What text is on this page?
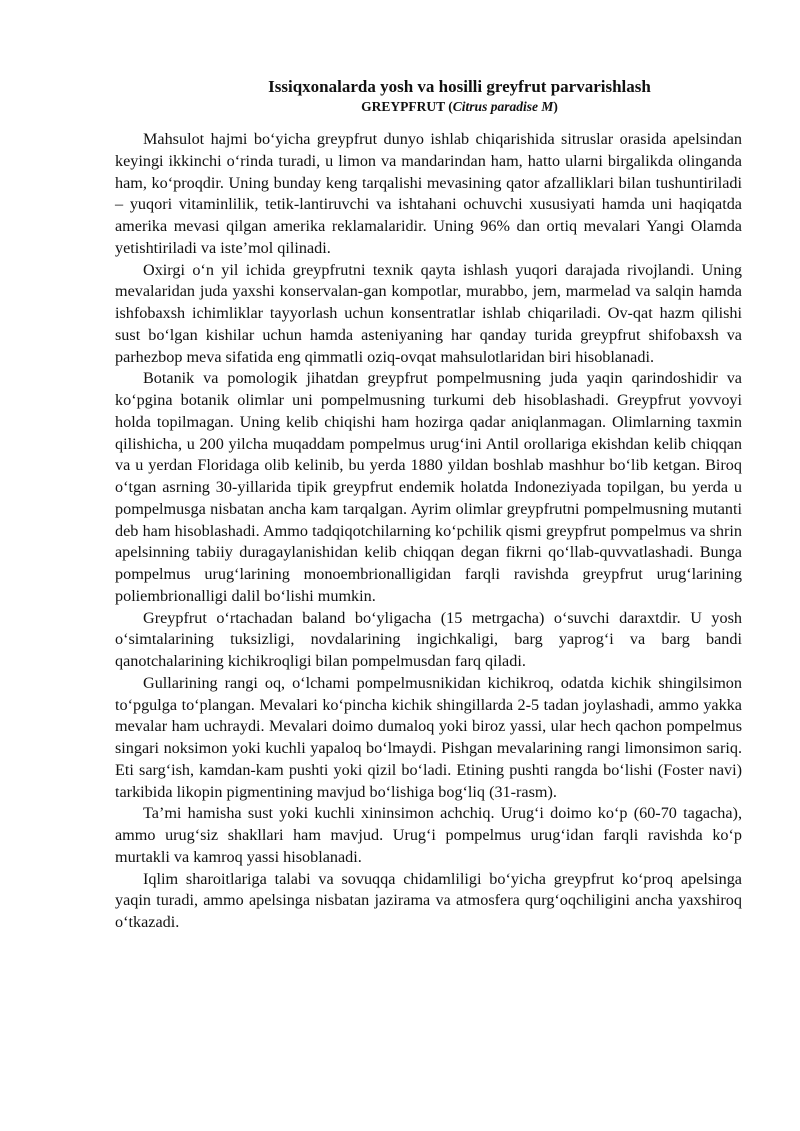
Issiqxonalarda yosh va hosilli greyfrut parvarishlash
GREYPFRUT (Citrus paradise M)

Mahsulot hajmi bo‘yicha greypfrut dunyo ishlab chiqarishida sitruslar orasida apelsindan keyingi ikkinchi o‘rinda turadi, u limon va mandarindan ham, hatto ularni birgalikda olinganda ham, ko‘proqdir. Uning bunday keng tarqalishi mevasining qator afzalliklari bilan tushuntiriladi – yuqori vitaminlilik, tetik-lantiruvchi va ishtahani ochuvchi xususiyati hamda uni haqiqatda amerika mevasi qilgan amerika reklamalaridir. Uning 96% dan ortiq mevalari Yangi Olamda yetishtiriladi va iste’mol qilinadi.

Oxirgi o‘n yil ichida greypfrutni texnik qayta ishlash yuqori darajada rivojlandi. Uning mevalaridan juda yaxshi konservalan-gan kompotlar, murabbo, jem, marmelad va salqin hamda ishfobaxsh ichimliklar tayyorlash uchun konsentratlar ishlab chiqariladi. Ov-qat hazm qilishi sust bo‘lgan kishilar uchun hamda asteniyaning har qanday turida greypfrut shifobaxsh va parhezbop meva sifatida eng qimmatli oziq-ovqat mahsulotlaridan biri hisoblanadi.

Botanik va pomologik jihatdan greypfrut pompelmusning juda yaqin qarindoshidir va ko‘pgina botanik olimlar uni pompelmusning turkumi deb hisoblashadi. Greypfrut yovvoyi holda topilmagan. Uning kelib chiqishi ham hozirga qadar aniqlanmagan. Olimlarning taxmin qilishicha, u 200 yilcha muqaddam pompelmus urug‘ini Antil orollariga ekishdan kelib chiqqan va u yerdan Floridaga olib kelinib, bu yerda 1880 yildan boshlab mashhur bo‘lib ketgan. Biroq o‘tgan asrning 30-yillarida tipik greypfrut endemik holatda Indoneziyada topilgan, bu yerda u pompelmusga nisbatan ancha kam tarqalgan. Ayrim olimlar greypfrutni pompelmusning mutanti deb ham hisoblashadi. Ammo tadqiqotchilarning ko‘pchilik qismi greypfrut pompelmus va shrin apelsinning tabiiy duragaylanishidan kelib chiqqan degan fikrni qo‘llab-quvvatlashadi. Bunga pompelmus urug‘larining monoembrionalligidan farqli ravishda greypfrut urug‘larining poliembrionalligi dalil bo‘lishi mumkin.

Greypfrut o‘rtachadan baland bo‘yligacha (15 metrgacha) o‘suvchi daraxtdir. U yosh o‘simtalarining tuksizligi, novdalarining ingichkaligi, barg yaprog‘i va barg bandi qanotchalarining kichikroqligi bilan pompelmusdan farq qiladi.

Gullarining rangi oq, o‘lchami pompelmusnikidan kichikroq, odatda kichik shingilsimon to‘pgulga to‘plangan. Mevalari ko‘pincha kichik shingillarda 2-5 tadan joylashadi, ammo yakka mevalar ham uchraydi. Mevalari doimo dumaloq yoki biroz yassi, ular hech qachon pompelmus singari noksimon yoki kuchli yapaloq bo‘lmaydi. Pishgan mevalarining rangi limonsimon sariq. Eti sarg‘ish, kamdan-kam pushti yoki qizil bo‘ladi. Etining pushti rangda bo‘lishi (Foster navi) tarkibida likopin pigmentining mavjud bo‘lishiga bog‘liq (31-rasm).

Ta’mi hamisha sust yoki kuchli xininsimon achchiq. Urug‘i doimo ko‘p (60-70 tagacha), ammo urug‘siz shakllari ham mavjud. Urug‘i pompelmus urug‘idan farqli ravishda ko‘p murtakli va kamroq yassi hisoblanadi.

Iqlim sharoitlariga talabi va sovuqqa chidamliligi bo‘yicha greypfrut ko‘proq apelsinga yaqin turadi, ammo apelsinga nisbatan jazirama va atmosfera qurg‘oqchiligini ancha yaxshiroq o‘tkazadi.
